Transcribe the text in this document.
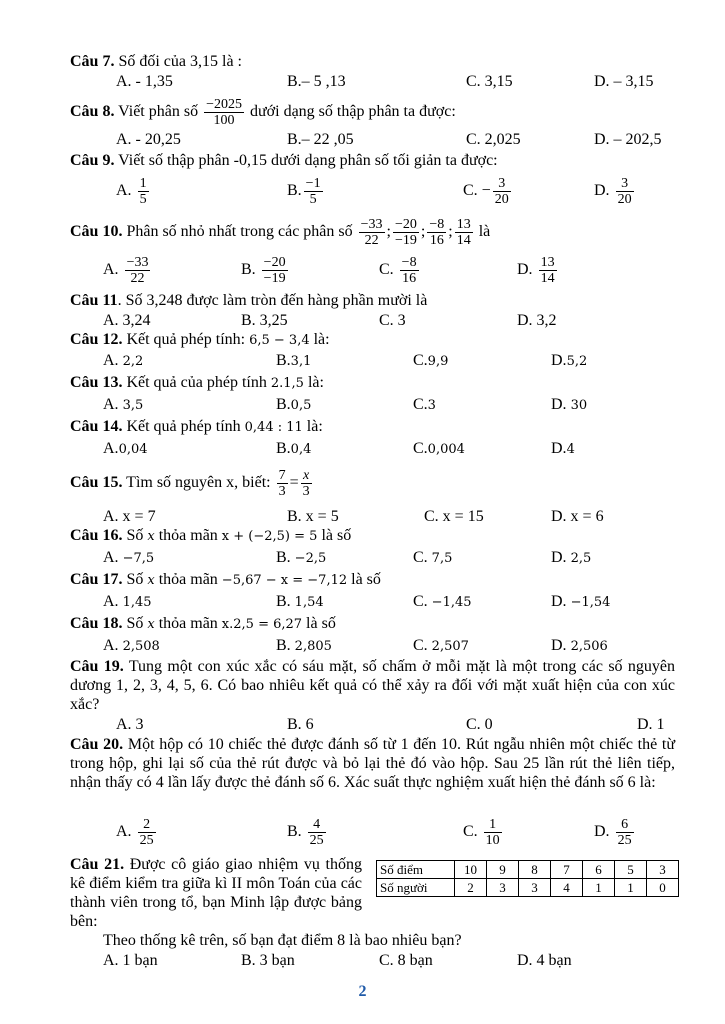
Câu 7. Số đối của 3,15 là :
A. - 1,35	B.– 5 ,13	C. 3,15	D. – 3,15
Câu 8. Viết phân số $\frac{-2025}{100}$ dưới dạng số thập phân ta được:
A. - 20,25	B.– 22 ,05	C. 2,025	D. – 202,5
Câu 9. Viết số thập phân -0,15 dưới dạng phân số tối giản ta được:
A. $\frac{1}{5}$	B. $\frac{-1}{5}$	C. − $\frac{3}{20}$	D. $\frac{3}{20}$
Câu 10. Phân số nhỏ nhất trong các phân số $\frac{-33}{22}$ ; $\frac{-20}{-19}$ ; $\frac{-8}{16}$ ; $\frac{13}{14}$ là
A. $\frac{-33}{22}$	B. $\frac{-20}{-19}$	C. $\frac{-8}{16}$	D. $\frac{13}{14}$
Câu 11. Số 3,248 được làm tròn đến hàng phần mười là
A. 3,24	B. 3,25	C. 3	D. 3,2
Câu 12. Kết quả phép tính: 6,5 − 3,4 là:
A. 2,2	B.3,1	C.9,9	D.5,2
Câu 13. Kết quả của phép tính 2.1,5 là:
A. 3,5	B.0,5	C.3	D. 30
Câu 14. Kết quả phép tính 0,44 : 11 là:
A.0,04	B.0,4	C.0,004	D.4
Câu 15. Tìm số nguyên x, biết: $\frac{7}{3} = \frac{x}{3}$
A. x = 7	B. x = 5	C. x = 15	D. x = 6
Câu 16. Số x thỏa mãn x + (−2,5) = 5 là số
A. −7,5	B. −2,5	C. 7,5	D. 2,5
Câu 17. Số x thỏa mãn −5,67 − x = −7,12 là số
A. 1,45	B. 1,54	C. −1,45	D. −1,54
Câu 18. Số x thỏa mãn x.2,5 = 6,27 là số
A. 2,508	B. 2,805	C. 2,507	D. 2,506
Câu 19. Tung một con xúc xắc có sáu mặt, số chấm ở mỗi mặt là một trong các số nguyên dương 1, 2, 3, 4, 5, 6. Có bao nhiêu kết quả có thể xảy ra đối với mặt xuất hiện của con xúc xắc?
A. 3	B. 6	C. 0	D. 1
Câu 20. Một hộp có 10 chiếc thẻ được đánh số từ 1 đến 10. Rút ngẫu nhiên một chiếc thẻ từ trong hộp, ghi lại số của thẻ rút được và bỏ lại thẻ đó vào hộp. Sau 25 lần rút thẻ liên tiếp, nhận thấy có 4 lần lấy được thẻ đánh số 6. Xác suất thực nghiệm xuất hiện thẻ đánh số 6 là:
A. $\frac{2}{25}$	B. $\frac{4}{25}$	C. $\frac{1}{10}$	D. $\frac{6}{25}$
Câu 21. Được cô giáo giao nhiệm vụ thống kê điểm kiểm tra giữa kì II môn Toán của các thành viên trong tổ, bạn Minh lập được bảng bên:
Số điểm	10	9	8	7	6	5	3
Số người	2	3	3	4	1	1	0
Theo thống kê trên, số bạn đạt điểm 8 là bao nhiêu bạn?
A. 1 bạn	B. 3 bạn	C. 8 bạn	D. 4 bạn
2
